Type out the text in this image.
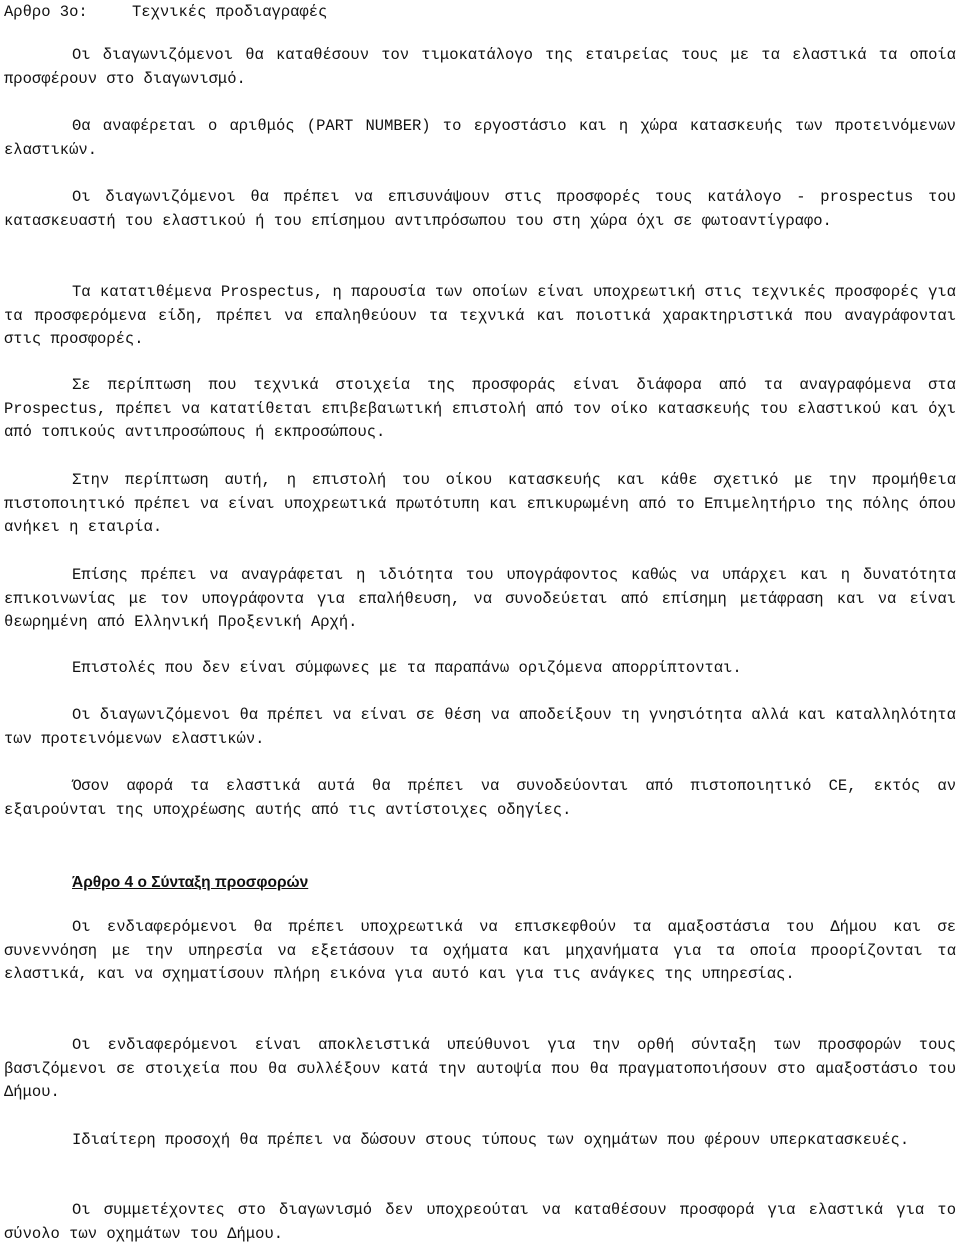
Αρθρο 3ο:	Τεχνικές προδιαγραφές

Οι διαγωνιζόμενοι θα καταθέσουν τον τιμοκατάλογο της εταιρείας τους με τα ελαστικά τα οποία προσφέρουν στο διαγωνισμό.

Θα αναφέρεται ο αριθμός (PART NUMBER) το εργοστάσιο και η χώρα κατασκευής των προτεινόμενων ελαστικών.

Οι διαγωνιζόμενοι θα πρέπει να επισυνάψουν στις προσφορές τους κατάλογο - prospectus του κατασκευαστή του ελαστικού ή του επίσημου αντιπρόσωπου του στη χώρα όχι σε φωτοαντίγραφο.

Τα κατατιθέμενα Prospectus, η παρουσία των οποίων είναι υποχρεωτική στις τεχνικές προσφορές για τα προσφερόμενα είδη, πρέπει να επαληθεύουν τα τεχνικά και ποιοτικά χαρακτηριστικά που αναγράφονται στις προσφορές.

Σε περίπτωση που τεχνικά στοιχεία της προσφοράς είναι διάφορα από τα αναγραφόμενα στα Prospectus, πρέπει να κατατίθεται επιβεβαιωτική επιστολή από τον οίκο κατασκευής του ελαστικού και όχι από τοπικούς αντιπροσώπους ή εκπροσώπους.

Στην περίπτωση αυτή, η επιστολή του οίκου κατασκευής και κάθε σχετικό με την προμήθεια πιστοποιητικό πρέπει να είναι υποχρεωτικά πρωτότυπη και επικυρωμένη από το Επιμελητήριο της πόλης όπου ανήκει η εταιρία.

Επίσης πρέπει να αναγράφεται η ιδιότητα του υπογράφοντος καθώς να υπάρχει και η δυνατότητα επικοινωνίας με τον υπογράφοντα για επαλήθευση, να συνοδεύεται από επίσημη μετάφραση και να είναι θεωρημένη από Ελληνική Προξενική Αρχή.

Επιστολές που δεν είναι σύμφωνες με τα παραπάνω οριζόμενα απορρίπτονται.

Οι διαγωνιζόμενοι θα πρέπει να είναι σε θέση να αποδείξουν τη γνησιότητα αλλά και καταλληλότητα των προτεινόμενων ελαστικών.

Όσον αφορά τα ελαστικά αυτά θα πρέπει να συνοδεύονται από πιστοποιητικό CE, εκτός αν εξαιρούνται της υποχρέωσης αυτής από τις αντίστοιχες οδηγίες.

Άρθρο 4 ο Σύνταξη προσφορών

Οι ενδιαφερόμενοι θα πρέπει υποχρεωτικά να επισκεφθούν τα αμαξοστάσια του Δήμου και σε συνεννόηση με την υπηρεσία να εξετάσουν τα οχήματα και μηχανήματα για τα οποία προορίζονται τα ελαστικά, και να σχηματίσουν πλήρη εικόνα για αυτό και για τις ανάγκες της υπηρεσίας.

Οι ενδιαφερόμενοι είναι αποκλειστικά υπεύθυνοι για την ορθή σύνταξη των προσφορών τους βασιζόμενοι σε στοιχεία που θα συλλέξουν κατά την αυτοψία που θα πραγματοποιήσουν στο αμαξοστάσιο του Δήμου.

Ιδιαίτερη προσοχή θα πρέπει να δώσουν στους τύπους των οχημάτων που φέρουν υπερκατασκευές.

Οι συμμετέχοντες στο διαγωνισμό δεν υποχρεούται να καταθέσουν προσφορά για ελαστικά για το σύνολο των οχημάτων του Δήμου.
